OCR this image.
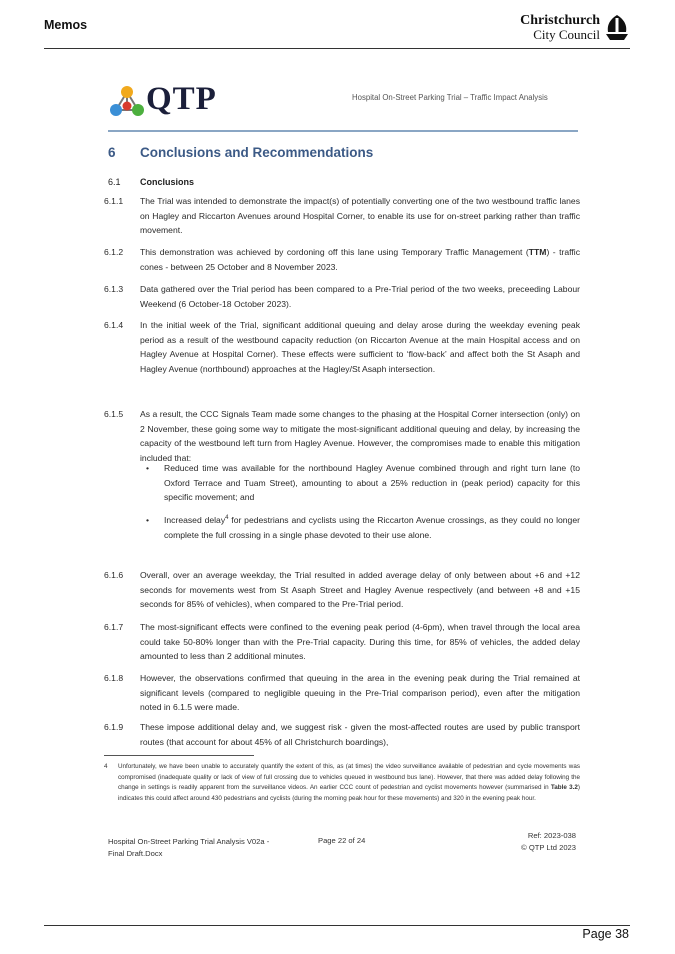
Memos	Christchurch
City Council
QTP	Hospital On-Street Parking Trial – Traffic Impact Analysis
6 Conclusions and Recommendations
6.1 Conclusions
6.1.1	The Trial was intended to demonstrate the impact(s) of potentially converting one of the two westbound traffic lanes on Hagley and Riccarton Avenues around Hospital Corner, to enable its use for on-street parking rather than traffic movement.
6.1.2	This demonstration was achieved by cordoning off this lane using Temporary Traffic Management (TTM) - traffic cones - between 25 October and 8 November 2023.
6.1.3	Data gathered over the Trial period has been compared to a Pre-Trial period of the two weeks, preceeding Labour Weekend (6 October-18 October 2023).
6.1.4	In the initial week of the Trial, significant additional queuing and delay arose during the weekday evening peak period as a result of the westbound capacity reduction (on Riccarton Avenue at the main Hospital access and on Hagley Avenue at Hospital Corner). These effects were sufficient to ‘flow-back’ and affect both the St Asaph and Hagley Avenue (northbound) approaches at the Hagley/St Asaph intersection.
6.1.5	As a result, the CCC Signals Team made some changes to the phasing at the Hospital Corner intersection (only) on 2 November, these going some way to mitigate the most-significant additional queuing and delay, by increasing the capacity of the westbound left turn from Hagley Avenue. However, the compromises made to enable this mitigation included that:
• Reduced time was available for the northbound Hagley Avenue combined through and right turn lane (to Oxford Terrace and Tuam Street), amounting to about a 25% reduction in (peak period) capacity for this specific movement; and
• Increased delay$^4$ for pedestrians and cyclists using the Riccarton Avenue crossings, as they could no longer complete the full crossing in a single phase devoted to their use alone.
6.1.6	Overall, over an average weekday, the Trial resulted in added average delay of only between about +6 and +12 seconds for movements west from St Asaph Street and Hagley Avenue respectively (and between +8 and +15 seconds for 85% of vehicles), when compared to the Pre-Trial period.
6.1.7	The most-significant effects were confined to the evening peak period (4-6pm), when travel through the local area could take 50-80% longer than with the Pre-Trial capacity. During this time, for 85% of vehicles, the added delay amounted to less than 2 additional minutes.
6.1.8	However, the observations confirmed that queuing in the area in the evening peak during the Trial remained at significant levels (compared to negligible queuing in the Pre-Trial comparison period), even after the mitigation noted in 6.1.5 were made.
6.1.9	These impose additional delay and, we suggest risk - given the most-affected routes are used by public transport routes (that account for about 45% of all Christchurch boardings),
4 Unfortunately, we have been unable to accurately quantify the extent of this, as (at times) the video surveillance available of pedestrian and cycle movements was compromised (inadequate quality or lack of view of full crossing due to vehicles queued in westbound bus lane). However, that there was added delay following the change in settings is readily apparent from the surveillance videos. An earlier CCC count of pedestrian and cyclist movements however (summarised in Table 3.2) indicates this could affect around 430 pedestrians and cyclists (during the morning peak hour for these movements) and 320 in the evening peak hour.
Hospital On-Street Parking Trial Analysis V02a -
Final Draft.Docx
Page 22 of 24
Ref: 2023-038
© QTP Ltd 2023
Page 38
